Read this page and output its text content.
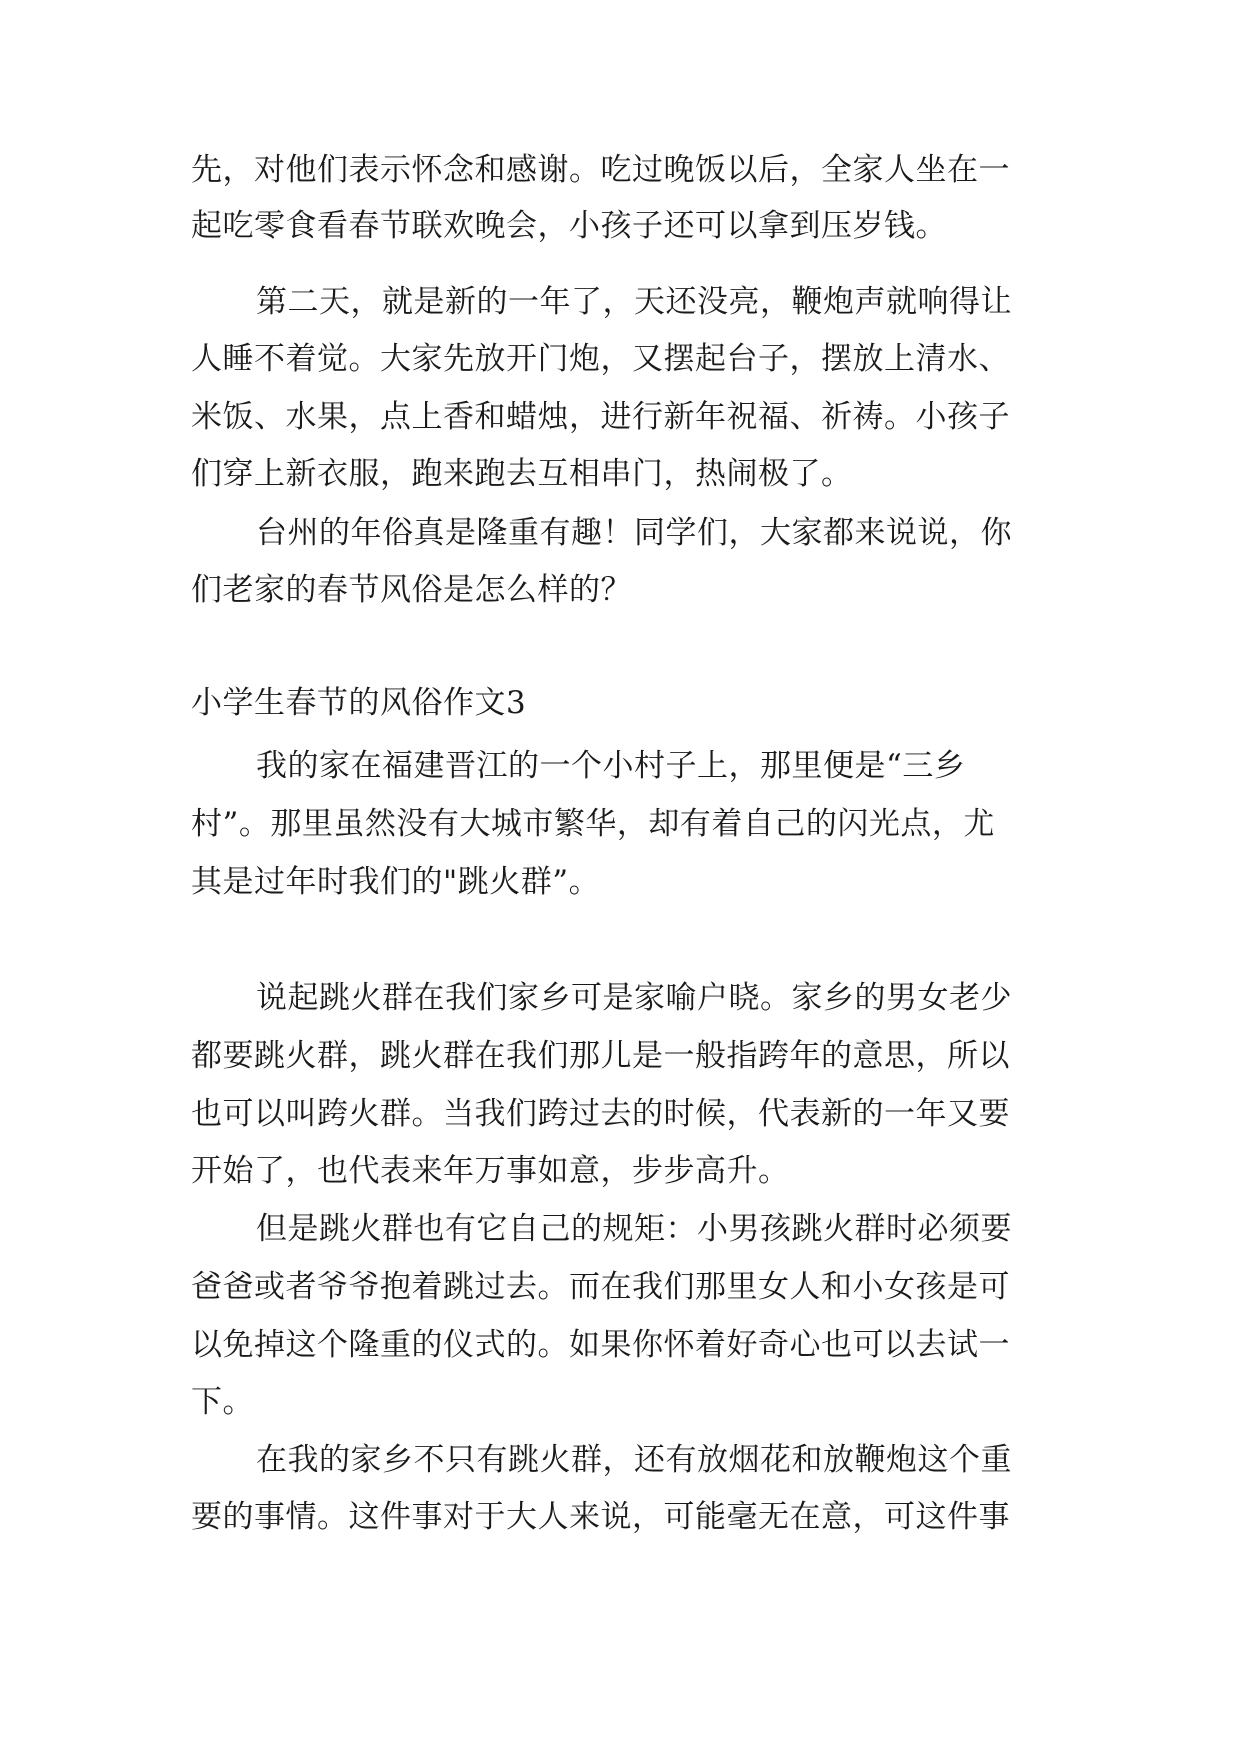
先，对他们表示怀念和感谢。吃过晚饭以后，全家人坐在一
起吃零食看春节联欢晚会，小孩子还可以拿到压岁钱。
第二天，就是新的一年了，天还没亮，鞭炮声就响得让
人睡不着觉。大家先放开门炮，又摆起台子，摆放上清水、
米饭、水果，点上香和蜡烛，进行新年祝福、祈祷。小孩子
们穿上新衣服，跑来跑去互相串门，热闹极了。
台州的年俗真是隆重有趣！同学们，大家都来说说，你
们老家的春节风俗是怎么样的？
小学生春节的风俗作文3
我的家在福建晋江的一个小村子上，那里便是“三乡
村”。那里虽然没有大城市繁华，却有着自己的闪光点，尤
其是过年时我们的"跳火群”。
说起跳火群在我们家乡可是家喻户晓。家乡的男女老少
都要跳火群，跳火群在我们那儿是一般指跨年的意思，所以
也可以叫跨火群。当我们跨过去的时候，代表新的一年又要
开始了，也代表来年万事如意，步步高升。
但是跳火群也有它自己的规矩：小男孩跳火群时必须要
爸爸或者爷爷抱着跳过去。而在我们那里女人和小女孩是可
以免掉这个隆重的仪式的。如果你怀着好奇心也可以去试一
下。
在我的家乡不只有跳火群，还有放烟花和放鞭炮这个重
要的事情。这件事对于大人来说，可能毫无在意，可这件事
